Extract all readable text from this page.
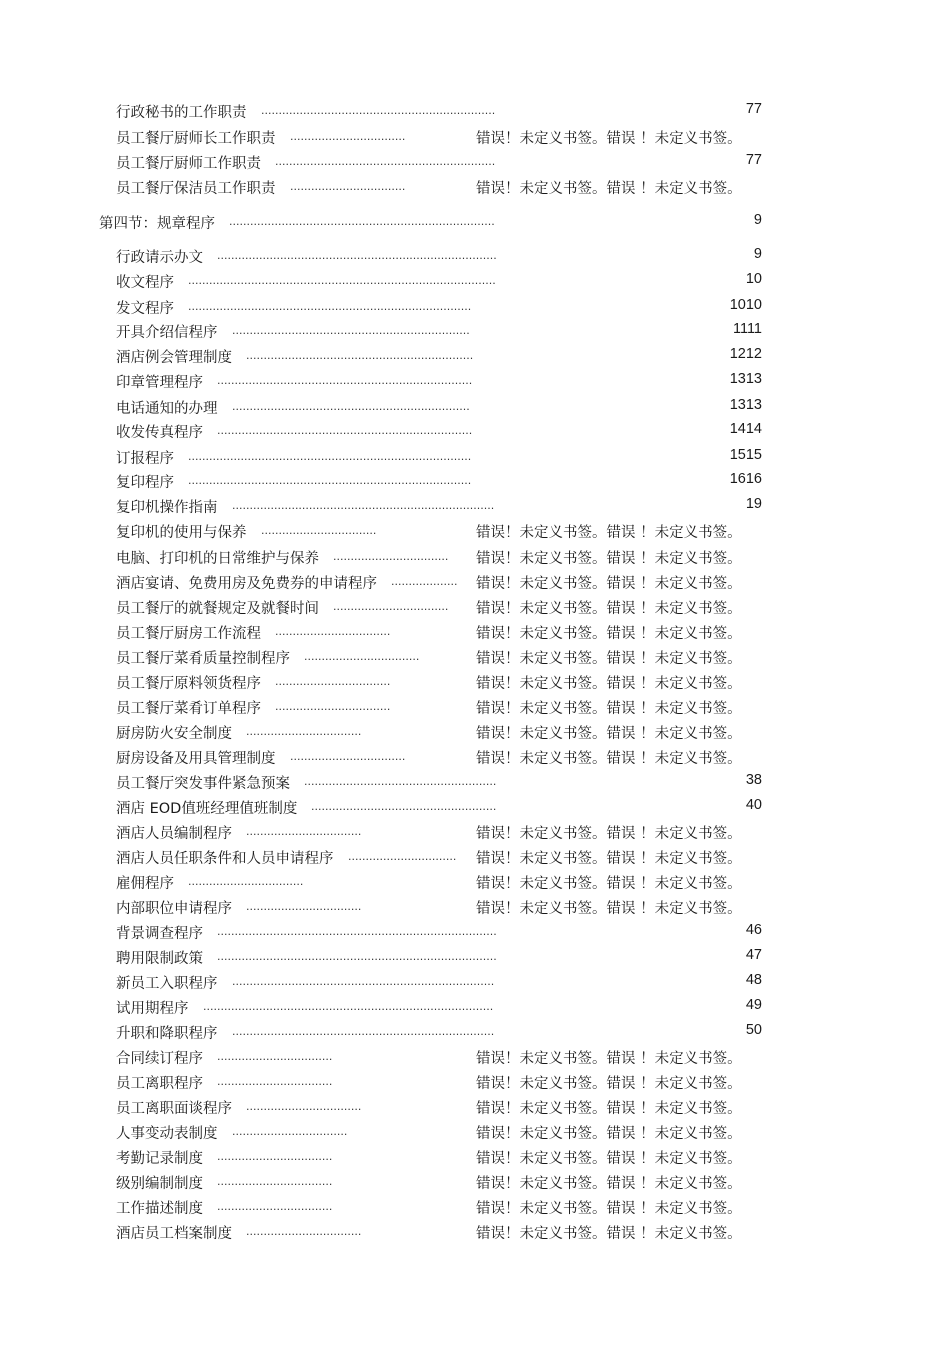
行政秘书的工作职责 ...................................................................	77
员工餐厅厨师长工作职责 .................................	错误！未定义书签。错误 ！未定义书签。
员工餐厅厨师工作职责 ...............................................................	77
员工餐厅保洁员工作职责 .................................	错误！未定义书签。错误 ！未定义书签。
第四节：规章程序 ............................................................................	9
行政请示办文 ................................................................................	9
收文程序 ........................................................................................	10
发文程序 .................................................................................	1010
开具介绍信程序 ....................................................................	1111
酒店例会管理制度 .................................................................	1212
印章管理程序 .........................................................................	1313
电话通知的办理 ....................................................................	1313
收发传真程序 .........................................................................	1414
订报程序 .................................................................................	1515
复印程序 .................................................................................	1616
复印机操作指南 ...........................................................................	19
复印机的使用与保养 .................................	错误！未定义书签。错误 ！未定义书签。
电脑、打印机的日常维护与保养 .................................	错误！未定义书签。错误 ！未定义书签。
酒店宴请、免费用房及免费券的申请程序 ................... 错误！未定义书签。错误 ！未定义书签。
员工餐厅的就餐规定及就餐时间 .................................	错误！未定义书签。错误 ！未定义书签。
员工餐厅厨房工作流程 .................................	错误！未定义书签。错误 ！未定义书签。
员工餐厅菜肴质量控制程序 .................................	错误！未定义书签。错误 ！未定义书签。
员工餐厅原料领货程序 .................................	错误！未定义书签。错误 ！未定义书签。
员工餐厅菜肴订单程序 .................................	错误！未定义书签。错误 ！未定义书签。
厨房防火安全制度 .................................	错误！未定义书签。错误 ！未定义书签。
厨房设备及用具管理制度 .................................	错误！未定义书签。错误 ！未定义书签。
员工餐厅突发事件紧急预案 .......................................................	38
酒店 EOD值班经理值班制度 .....................................................	40
酒店人员编制程序 .................................	错误！未定义书签。错误 ！未定义书签。
酒店人员任职条件和人员申请程序 ............................... 错误！未定义书签。错误 ！未定义书签。
雇佣程序 .................................	错误！未定义书签。错误 ！未定义书签。
内部职位申请程序 .................................	错误！未定义书签。错误 ！未定义书签。
背景调查程序 ................................................................................	46
聘用限制政策 ................................................................................	47
新员工入职程序 ...........................................................................	48
试用期程序 ...................................................................................	49
升职和降职程序 ...........................................................................	50
合同续订程序 .................................	错误！未定义书签。错误 ！未定义书签。
员工离职程序 .................................	错误！未定义书签。错误 ！未定义书签。
员工离职面谈程序 .................................	错误！未定义书签。错误 ！未定义书签。
人事变动表制度 .................................	错误！未定义书签。错误 ！未定义书签。
考勤记录制度 .................................	错误！未定义书签。错误 ！未定义书签。
级别编制制度 .................................	错误！未定义书签。错误 ！未定义书签。
工作描述制度 .................................	错误！未定义书签。错误 ！未定义书签。
酒店员工档案制度 .................................	错误！未定义书签。错误 ！未定义书签。
